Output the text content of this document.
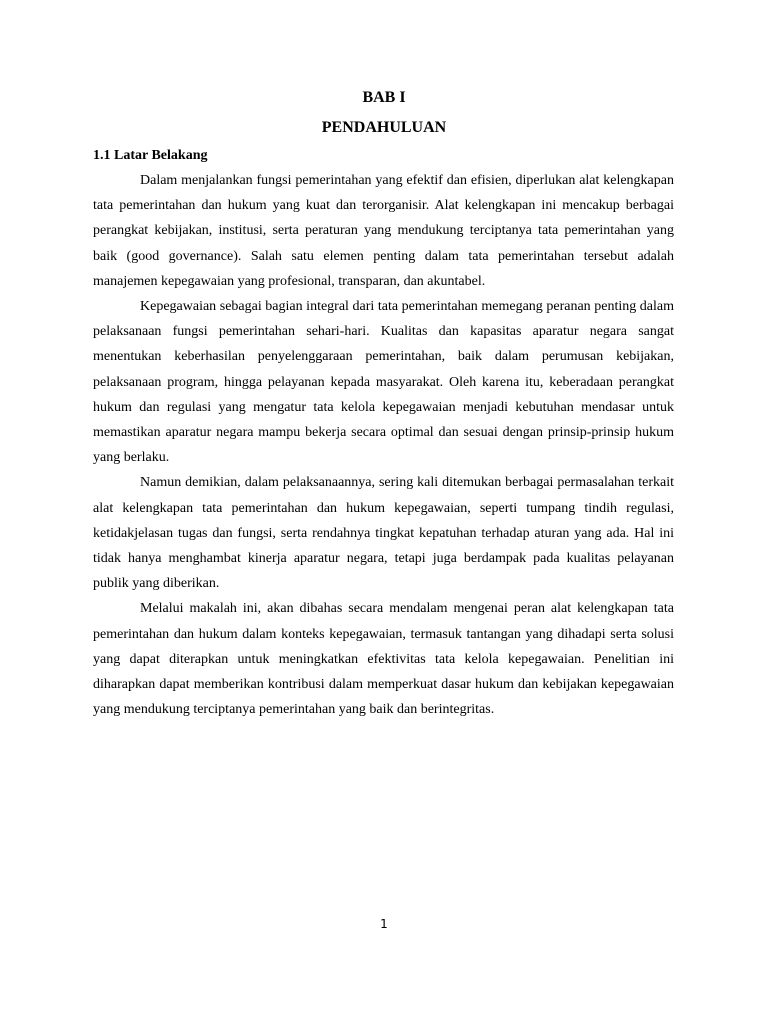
BAB I
PENDAHULUAN
1.1 Latar Belakang

Dalam menjalankan fungsi pemerintahan yang efektif dan efisien, diperlukan alat kelengkapan tata pemerintahan dan hukum yang kuat dan terorganisir. Alat kelengkapan ini mencakup berbagai perangkat kebijakan, institusi, serta peraturan yang mendukung terciptanya tata pemerintahan yang baik (good governance). Salah satu elemen penting dalam tata pemerintahan tersebut adalah manajemen kepegawaian yang profesional, transparan, dan akuntabel.

Kepegawaian sebagai bagian integral dari tata pemerintahan memegang peranan penting dalam pelaksanaan fungsi pemerintahan sehari-hari. Kualitas dan kapasitas aparatur negara sangat menentukan keberhasilan penyelenggaraan pemerintahan, baik dalam perumusan kebijakan, pelaksanaan program, hingga pelayanan kepada masyarakat. Oleh karena itu, keberadaan perangkat hukum dan regulasi yang mengatur tata kelola kepegawaian menjadi kebutuhan mendasar untuk memastikan aparatur negara mampu bekerja secara optimal dan sesuai dengan prinsip-prinsip hukum yang berlaku.

Namun demikian, dalam pelaksanaannya, sering kali ditemukan berbagai permasalahan terkait alat kelengkapan tata pemerintahan dan hukum kepegawaian, seperti tumpang tindih regulasi, ketidakjelasan tugas dan fungsi, serta rendahnya tingkat kepatuhan terhadap aturan yang ada. Hal ini tidak hanya menghambat kinerja aparatur negara, tetapi juga berdampak pada kualitas pelayanan publik yang diberikan.

Melalui makalah ini, akan dibahas secara mendalam mengenai peran alat kelengkapan tata pemerintahan dan hukum dalam konteks kepegawaian, termasuk tantangan yang dihadapi serta solusi yang dapat diterapkan untuk meningkatkan efektivitas tata kelola kepegawaian. Penelitian ini diharapkan dapat memberikan kontribusi dalam memperkuat dasar hukum dan kebijakan kepegawaian yang mendukung terciptanya pemerintahan yang baik dan berintegritas.

1
